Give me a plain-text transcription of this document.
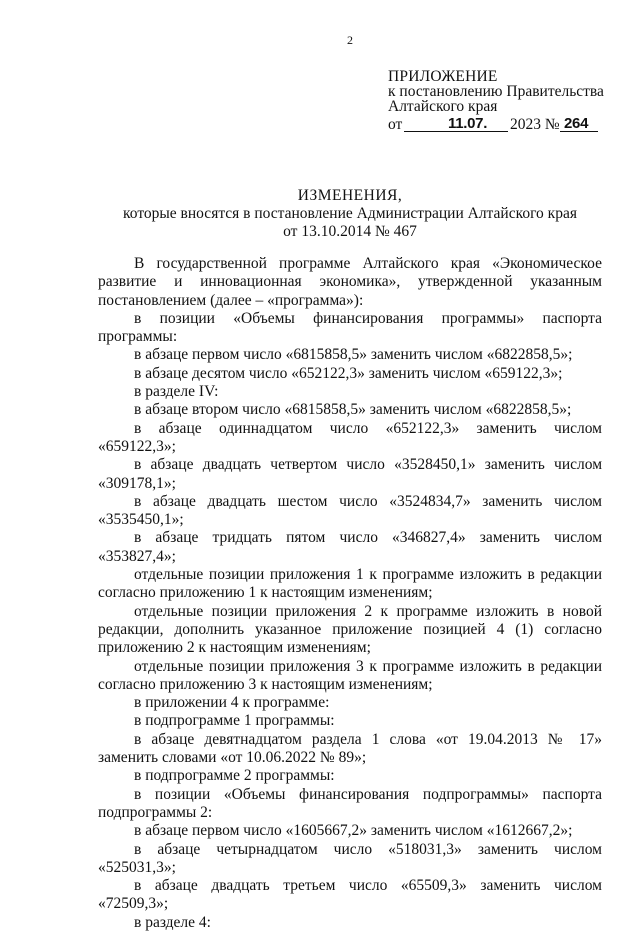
2
ПРИЛОЖЕНИЕ
к постановлению Правительства
Алтайского края
от	11.07. 2023 № 264
ИЗМЕНЕНИЯ,
которые вносятся в постановление Администрации Алтайского края
от 13.10.2014 № 467

В государственной программе Алтайского края «Экономическое развитие и инновационная экономика», утвержденной указанным постановлением (далее – «программа»):

в позиции «Объемы финансирования программы» паспорта программы:

в абзаце первом число «6815858,5» заменить числом «6822858,5»;

в абзаце десятом число «652122,3» заменить числом «659122,3»;

в разделе IV:

в абзаце втором число «6815858,5» заменить числом «6822858,5»;

в абзаце одиннадцатом число «652122,3» заменить числом «659122,3»;

в абзаце двадцать четвертом число «3528450,1» заменить числом «309178,1»;

в абзаце двадцать шестом число «3524834,7» заменить числом «3535450,1»;

в абзаце тридцать пятом число «346827,4» заменить числом «353827,4»;

отдельные позиции приложения 1 к программе изложить в редакции согласно приложению 1 к настоящим изменениям;

отдельные позиции приложения 2 к программе изложить в новой редакции, дополнить указанное приложение позицией 4 (1) согласно приложению 2 к настоящим изменениям;

отдельные позиции приложения 3 к программе изложить в редакции согласно приложению 3 к настоящим изменениям;

в приложении 4 к программе:

в подпрограмме 1 программы:

в абзаце девятнадцатом раздела 1 слова «от 19.04.2013 № 17» заменить словами «от 10.06.2022 № 89»;

в подпрограмме 2 программы:

в позиции «Объемы финансирования подпрограммы» паспорта подпрограммы 2:

в абзаце первом число «1605667,2» заменить числом «1612667,2»;

в абзаце четырнадцатом число «518031,3» заменить числом «525031,3»;

в абзаце двадцать третьем число «65509,3» заменить числом «72509,3»;

в разделе 4:
